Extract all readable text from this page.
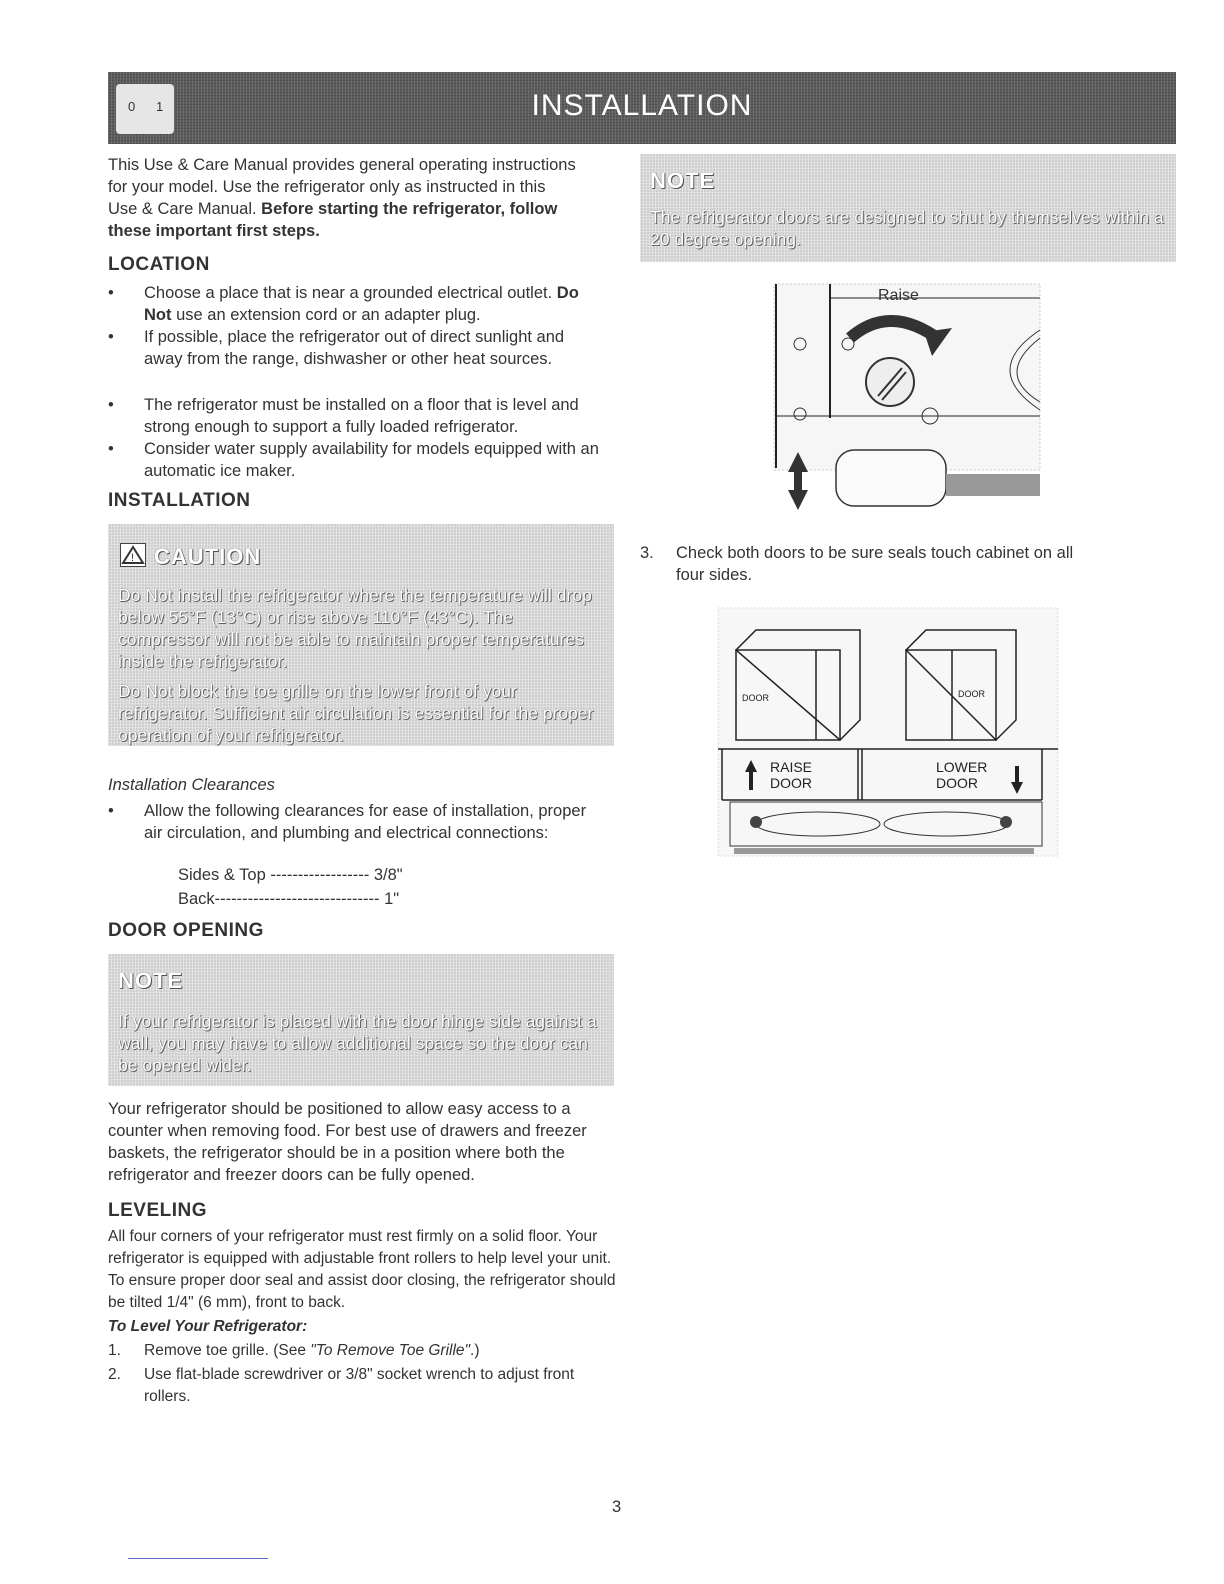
0 1	INSTALLATION

This Use & Care Manual provides general operating instructions for your model. Use the refrigerator only as instructed in this Use & Care Manual. Before starting the refrigerator, follow these important first steps.

LOCATION
• Choose a place that is near a grounded electrical outlet. Do Not use an extension cord or an adapter plug.
• If possible, place the refrigerator out of direct sunlight and away from the range, dishwasher or other heat sources.
• The refrigerator must be installed on a floor that is level and strong enough to support a fully loaded refrigerator.
• Consider water supply availability for models equipped with an automatic ice maker.
INSTALLATION
CAUTION
Do Not install the refrigerator where the temperature will drop below 55°F (13°C) or rise above 110°F (43°C). The compressor will not be able to maintain proper temperatures inside the refrigerator.
Do Not block the toe grille on the lower front of your refrigerator. Sufficient air circulation is essential for the proper operation of your refrigerator.
!
Installation Clearances
• Allow the following clearances for ease of installation, proper air circulation, and plumbing and electrical connections:
Sides & Top ------------------ 3/8"
Back------------------------------ 1"
DOOR OPENING
NOTE
If your refrigerator is placed with the door hinge side against a wall, you may have to allow additional space so the door can be opened wider.

Your refrigerator should be positioned to allow easy access to a counter when removing food. For best use of drawers and freezer baskets, the refrigerator should be in a position where both the refrigerator and freezer doors can be fully opened.

LEVELING

All four corners of your refrigerator must rest firmly on a solid floor. Your refrigerator is equipped with adjustable front rollers to help level your unit. To ensure proper door seal and assist door closing, the refrigerator should be tilted 1/4" (6 mm), front to back.

To Level Your Refrigerator:
1. Remove toe grille. (See "To Remove Toe Grille".)
2. Use flat-blade screwdriver or 3/8" socket wrench to adjust front rollers.
NOTE
The refrigerator doors are designed to shut by themselves within a 20 degree opening.
Raise
3. Check both doors to be sure seals touch cabinet on all four sides.
DOOR	DOOR
RAISE
DOOR
LOWER
DOOR
3
